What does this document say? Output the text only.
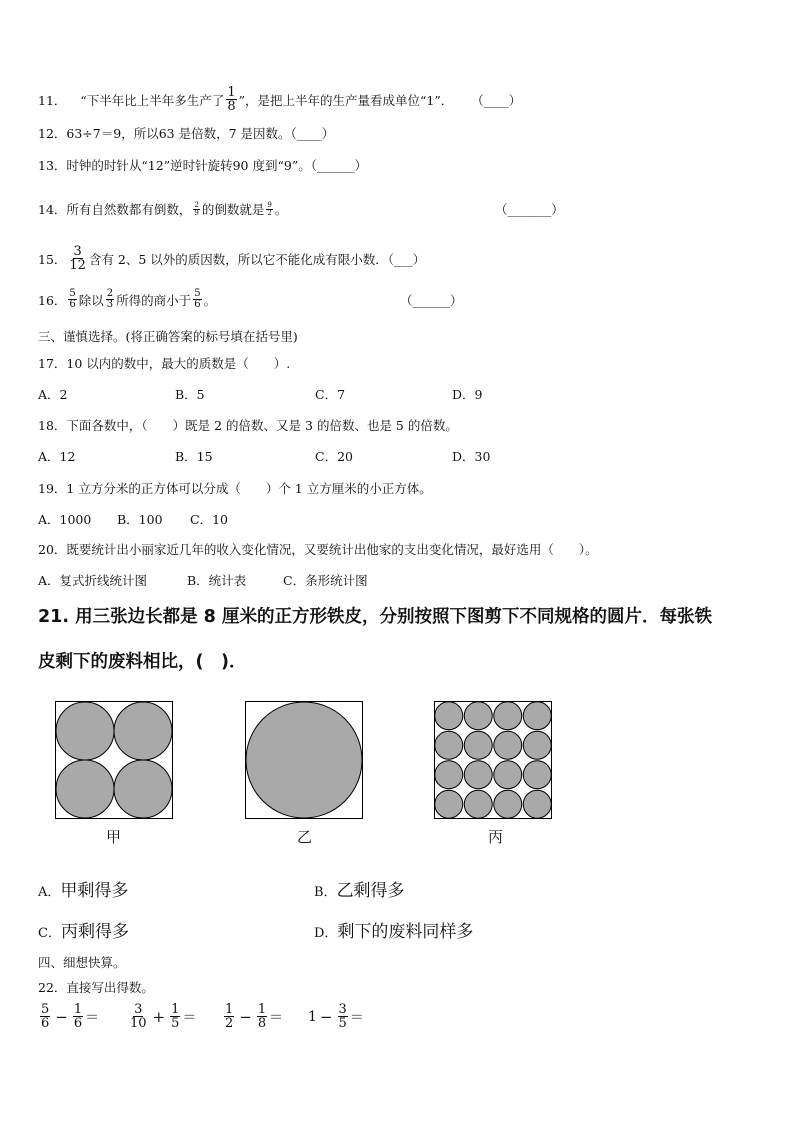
11． “下半年比上半年多生产了 $\frac{1}{8}$ ”，是把上半年的生产量看成单位“1”． （____）
12．63÷7＝9，所以63 是倍数，7 是因数。（____）
13．时钟的时针从“12”逆时针旋转90 度到“9”。（______）
14．所有自然数都有倒数， $\frac{2}{9}$ 的倒数就是 $\frac{9}{2}$ 。	（_______）
15． $\frac{3}{12}$ 含有 2、5 以外的质因数，所以它不能化成有限小数．（___）
16． $\frac{5}{6}$ 除以 $\frac{2}{3}$ 所得的商小于 $\frac{5}{6}$ 。	（______）
三、谨慎选择。(将正确答案的标号填在括号里)
17．10 以内的数中，最大的质数是（　　）.
A．2	B．5	C．7	D．9
18．下面各数中，（　　）既是 2 的倍数、又是 3 的倍数、也是 5 的倍数。
A．12	B．15	C．20	D．30
19．1 立方分米的正方体可以分成（　　）个 1 立方厘米的小正方体。
A．1000 B．100 C．10
20．既要统计出小丽家近几年的收入变化情况，又要统计出他家的支出变化情况，最好选用（　　）。
A．复式折线统计图	B．统计表	C．条形统计图
21. 用三张边长都是 8 厘米的正方形铁皮，分别按照下图剪下不同规格的圆片．每张铁
皮剩下的废料相比，(　)．
甲	乙	丙
A．甲剩得多	B．乙剩得多
C．丙剩得多	D．剩下的废料同样多
四、细想快算。
22．直接写出得数。
$\frac{5}{6} - \frac{1}{6} = \frac{3}{10} + \frac{1}{5} = \frac{1}{2} - \frac{1}{8} = 1 - \frac{3}{5}$ ＝
